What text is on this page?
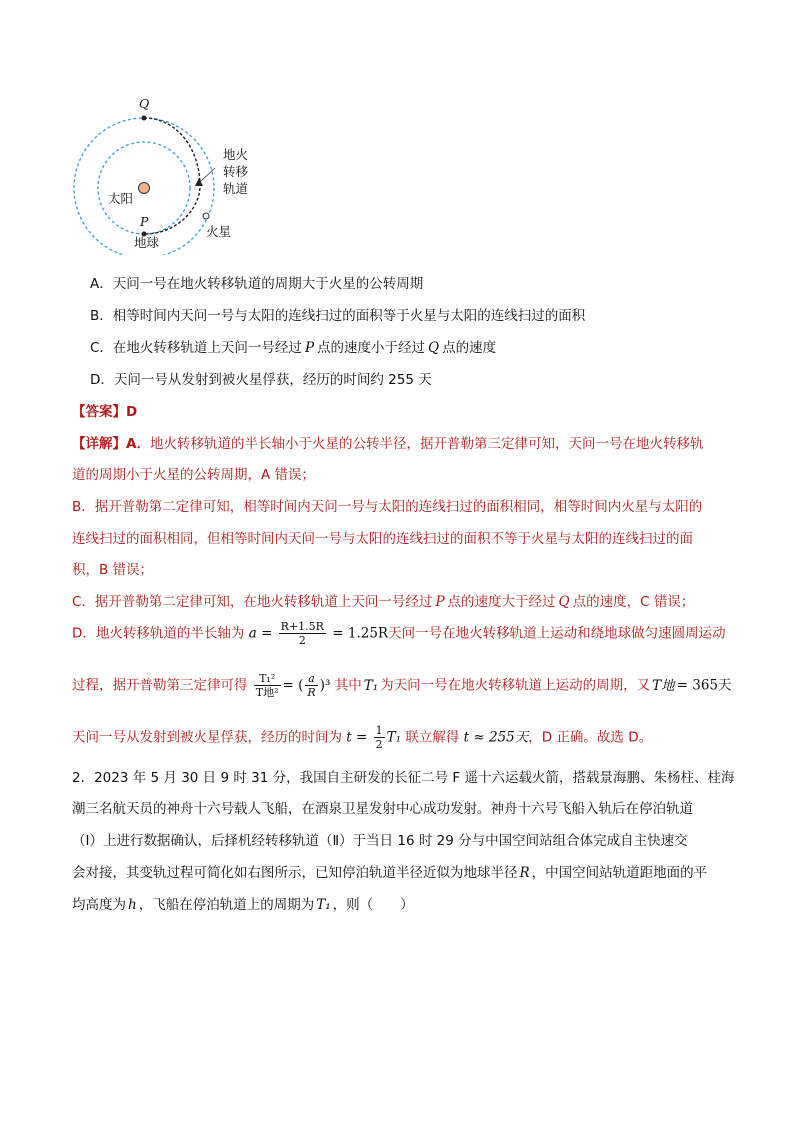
Q
P
太阳
地球
火星
地火
转移
轨道
A．天问一号在地火转移轨道的周期大于火星的公转周期
B．相等时间内天问一号与太阳的连线扫过的面积等于火星与太阳的连线扫过的面积
C．在地火转移轨道上天问一号经过 P 点的速度小于经过 Q 点的速度
D．天问一号从发射到被火星俘获，经历的时间约 255 天
【答案】D
【详解】A．地火转移轨道的半长轴小于火星的公转半径，据开普勒第三定律可知，天问一号在地火转移轨
道的周期小于火星的公转周期，A 错误；
B．据开普勒第二定律可知，相等时间内天问一号与太阳的连线扫过的面积相同，相等时间内火星与太阳的
连线扫过的面积相同，但相等时间内天问一号与太阳的连线扫过的面积不等于火星与太阳的连线扫过的面
积，B 错误；
C．据开普勒第二定律可知，在地火转移轨道上天问一号经过 P 点的速度大于经过 Q 点的速度，C 错误；
D．地火转移轨道的半长轴为 $a = \frac{R+1.5R}{2} = 1.25R$天问一号在地火转移轨道上运动和绕地球做匀速圆周运动
过程，据开普勒第三定律可得 $\frac{\text{T₁²}}{\text{T地²}}$ = ( $\frac{a}{R} )^3$ 其中 T₁ 为天问一号在地火转移轨道上运动的周期，又 T地 = 365天
天问一号从发射到被火星俘获，经历的时间为 $t = \frac{1}{2} T_1$ 联立解得 t ≈ 255天，D 正确。故选 D。
2．2023 年 5 月 30 日 9 时 31 分，我国自主研发的长征二号 F 遥十六运载火箭，搭载景海鹏、朱杨柱、桂海
潮三名航天员的神舟十六号载人飞船，在酒泉卫星发射中心成功发射。神舟十六号飞船入轨后在停泊轨道
（Ⅰ）上进行数据确认，后择机经转移轨道（Ⅱ）于当日 16 时 29 分与中国空间站组合体完成自主快速交
会对接，其变轨过程可简化如右图所示，已知停泊轨道半径近似为地球半径 R ，中国空间站轨道距地面的平
均高度为 h ，飞船在停泊轨道上的周期为 T₁ ，则（　　）
